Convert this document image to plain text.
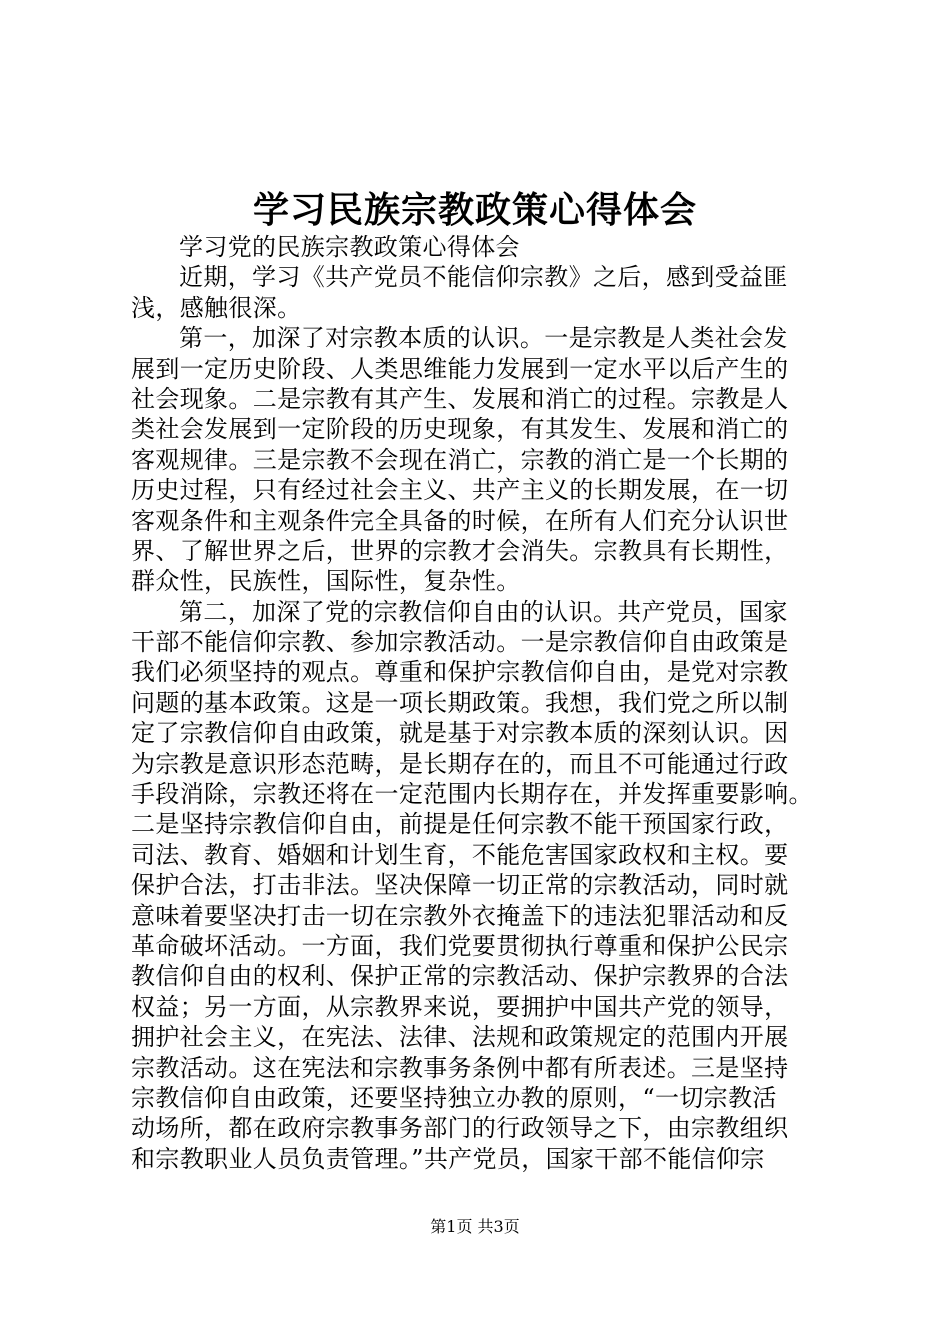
学习民族宗教政策心得体会
学习党的民族宗教政策心得体会
近期，学习《共产党员不能信仰宗教》之后，感到受益匪
浅，感触很深。
第一，加深了对宗教本质的认识。一是宗教是人类社会发
展到一定历史阶段、人类思维能力发展到一定水平以后产生的
社会现象。二是宗教有其产生、发展和消亡的过程。宗教是人
类社会发展到一定阶段的历史现象，有其发生、发展和消亡的
客观规律。三是宗教不会现在消亡，宗教的消亡是一个长期的
历史过程，只有经过社会主义、共产主义的长期发展，在一切
客观条件和主观条件完全具备的时候，在所有人们充分认识世
界、了解世界之后，世界的宗教才会消失。宗教具有长期性，
群众性，民族性，国际性，复杂性。
第二，加深了党的宗教信仰自由的认识。共产党员，国家
干部不能信仰宗教、参加宗教活动。一是宗教信仰自由政策是
我们必须坚持的观点。尊重和保护宗教信仰自由，是党对宗教
问题的基本政策。这是一项长期政策。我想，我们党之所以制
定了宗教信仰自由政策，就是基于对宗教本质的深刻认识。因
为宗教是意识形态范畴，是长期存在的，而且不可能通过行政
手段消除，宗教还将在一定范围内长期存在，并发挥重要影响。
二是坚持宗教信仰自由，前提是任何宗教不能干预国家行政，
司法、教育、婚姻和计划生育，不能危害国家政权和主权。要
保护合法，打击非法。坚决保障一切正常的宗教活动，同时就
意味着要坚决打击一切在宗教外衣掩盖下的违法犯罪活动和反
革命破坏活动。一方面，我们党要贯彻执行尊重和保护公民宗
教信仰自由的权利、保护正常的宗教活动、保护宗教界的合法
权益；另一方面，从宗教界来说，要拥护中国共产党的领导，
拥护社会主义，在宪法、法律、法规和政策规定的范围内开展
宗教活动。这在宪法和宗教事务条例中都有所表述。三是坚持
宗教信仰自由政策，还要坚持独立办教的原则，“一切宗教活
动场所，都在政府宗教事务部门的行政领导之下，由宗教组织
和宗教职业人员负责管理。”共产党员，国家干部不能信仰宗
第1页 共3页
